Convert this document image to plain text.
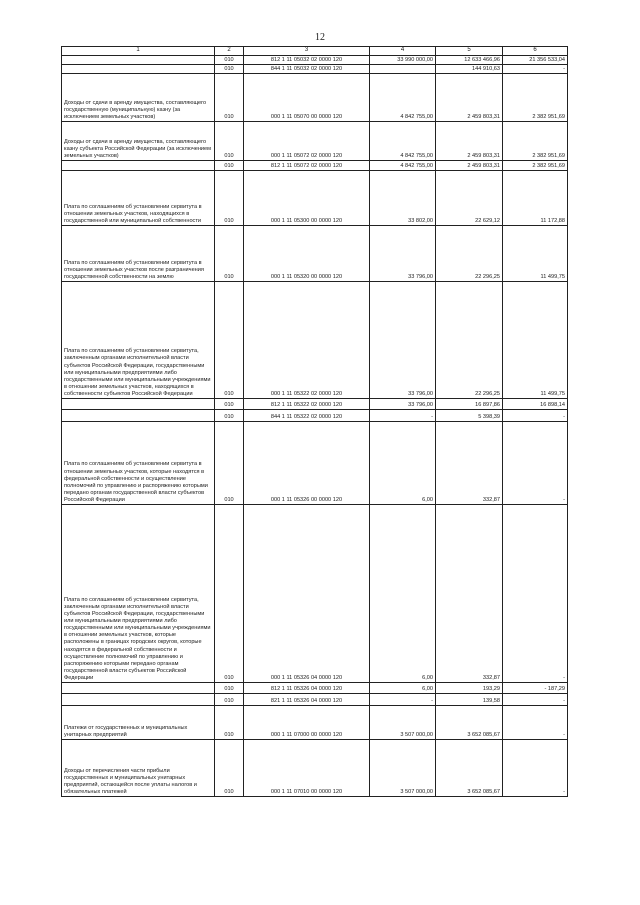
12
1	2	3	4	5	6
	010	812 1 11 05032 02 0000 120	33 990 000,00	12 633 466,96	21 356 533,04
	010	844 1 11 05032 02 0000 120		144 910,63	-
Доходы от сдачи в аренду имущества, составляющего государственную (муниципальную) казну (за исключением земельных участков)	010	000 1 11 05070 00 0000 120	4 842 755,00	2 459 803,31	2 382 951,69
Доходы от сдачи в аренду имущества, составляющего казну субъекта Российской Федерации (за исключением земельных участков)	010	000 1 11 05072 02 0000 120	4 842 755,00	2 459 803,31	2 382 951,69
	010	812 1 11 05072 02 0000 120	4 842 755,00	2 459 803,31	2 382 951,69
Плата по соглашениям об установлении сервитута в отношении земельных участков, находящихся в государственной или муниципальной собственности	010	000 1 11 05300 00 0000 120	33 802,00	22 629,12	11 172,88
Плата по соглашениям об установлении сервитута в отношении земельных участков после разграничения государственной собственности на землю	010	000 1 11 05320 00 0000 120	33 796,00	22 296,25	11 499,75
Плата по соглашениям об установлении сервитута, заключенным органами исполнительной власти субъектов Российской Федерации, государственными или муниципальными предприятиями либо государственными или муниципальными учреждениями в отношении земельных участков, находящихся в собственности субъектов Российской Федерации	010	000 1 11 05322 02 0000 120	33 796,00	22 296,25	11 499,75
	010	812 1 11 05322 02 0000 120	33 796,00	16 897,86	16 898,14
	010	844 1 11 05322 02 0000 120	-	5 398,39	-
Плата по соглашениям об установлении сервитута в отношении земельных участков, которые находятся в федеральной собственности и осуществление полномочий по управлению и распоряжению которыми передано органам государственной власти субъектов Российской Федерации	010	000 1 11 05326 00 0000 120	6,00	332,87	-
Плата по соглашениям об установлении сервитута, заключенным органами исполнительной власти субъектов Российской Федерации, государственными или муниципальными предприятиями либо государственными или муниципальными учреждениями в отношении земельных участков, которые расположены в границах городских округов, которые находятся в федеральной собственности и осуществление полномочий по управлению и распоряжению которыми передано органам государственной власти субъектов Российской Федерации	010	000 1 11 05326 04 0000 120	6,00	332,87	-
	010	812 1 11 05326 04 0000 120	6,00	193,29	- 187,29
	010	821 1 11 05326 04 0000 120	-	139,58	-
Платежи от государственных и муниципальных унитарных предприятий	010	000 1 11 07000 00 0000 120	3 507 000,00	3 652 085,67	-
Доходы от перечисления части прибыли государственных и муниципальных унитарных предприятий, остающейся после уплаты налогов и обязательных платежей	010	000 1 11 07010 00 0000 120	3 507 000,00	3 652 085,67	-
